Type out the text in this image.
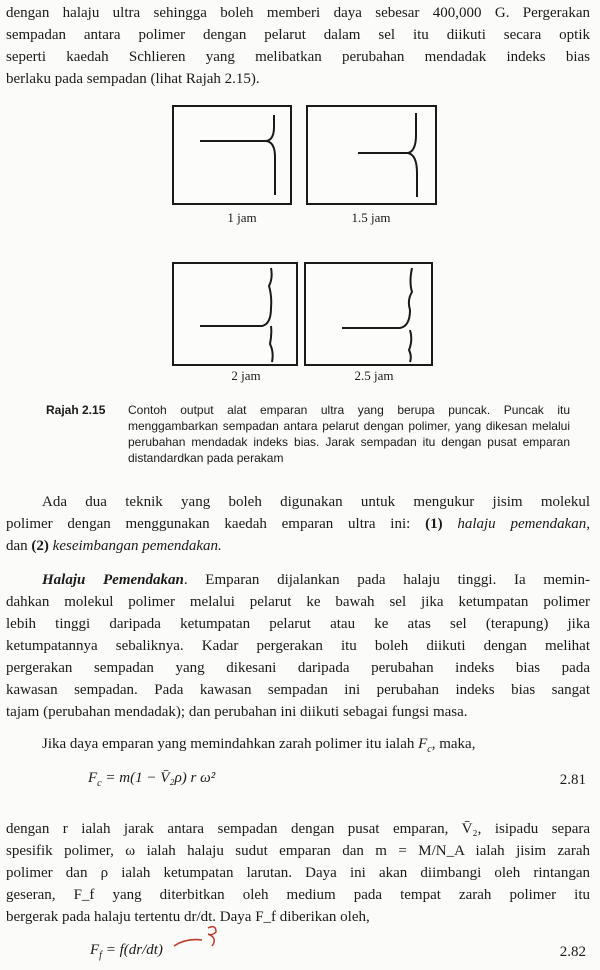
dengan halaju ultra sehingga boleh memberi daya sebesar 400,000 G. Pergerakan
sempadan antara polimer dengan pelarut dalam sel itu diikuti secara optik
seperti kaedah Schlieren yang melibatkan perubahan mendadak indeks bias
berlaku pada sempadan (lihat Rajah 2.15).
1 jam	1.5 jam
2 jam	2.5 jam
Rajah 2.15 Contoh output alat emparan ultra yang berupa puncak. Puncak itu menggambarkan sempadan antara pelarut dengan polimer, yang dikesan melalui perubahan mendadak indeks bias. Jarak sempadan itu dengan pusat emparan distandardkan pada perakam
Ada dua teknik yang boleh digunakan untuk mengukur jisim molekul
polimer dengan menggunakan kaedah emparan ultra ini: (1) halaju pemendakan,
dan (2) keseimbangan pemendakan.
Halaju Pemendakan. Emparan dijalankan pada halaju tinggi. Ia memin-
dahkan molekul polimer melalui pelarut ke bawah sel jika ketumpatan polimer
lebih tinggi daripada ketumpatan pelarut atau ke atas sel (terapung) jika
ketumpatannya sebaliknya. Kadar pergerakan itu boleh diikuti dengan melihat
pergerakan sempadan yang dikesani daripada perubahan indeks bias pada
kawasan sempadan. Pada kawasan sempadan ini perubahan indeks bias sangat
tajam (perubahan mendadak); dan perubahan ini diikuti sebagai fungsi masa.
Jika daya emparan yang memindahkan zarah polimer itu ialah $F_c$, maka,
$F_c = m(1$ − V̄₂ρ) r ω²	2.81
dengan r ialah jarak antara sempadan dengan pusat emparan, V̄₂, isipadu separa
spesifik polimer, ω ialah halaju sudut emparan dan m = M/N_A ialah jisim zarah
polimer dan ρ ialah ketumpatan larutan. Daya ini akan diimbangi oleh rintangan
geseran, F_f yang diterbitkan oleh medium pada tempat zarah polimer itu
bergerak pada halaju tertentu dr/dt. Daya F_f diberikan oleh,
$F_f = f(dr/dt)$	2.82
